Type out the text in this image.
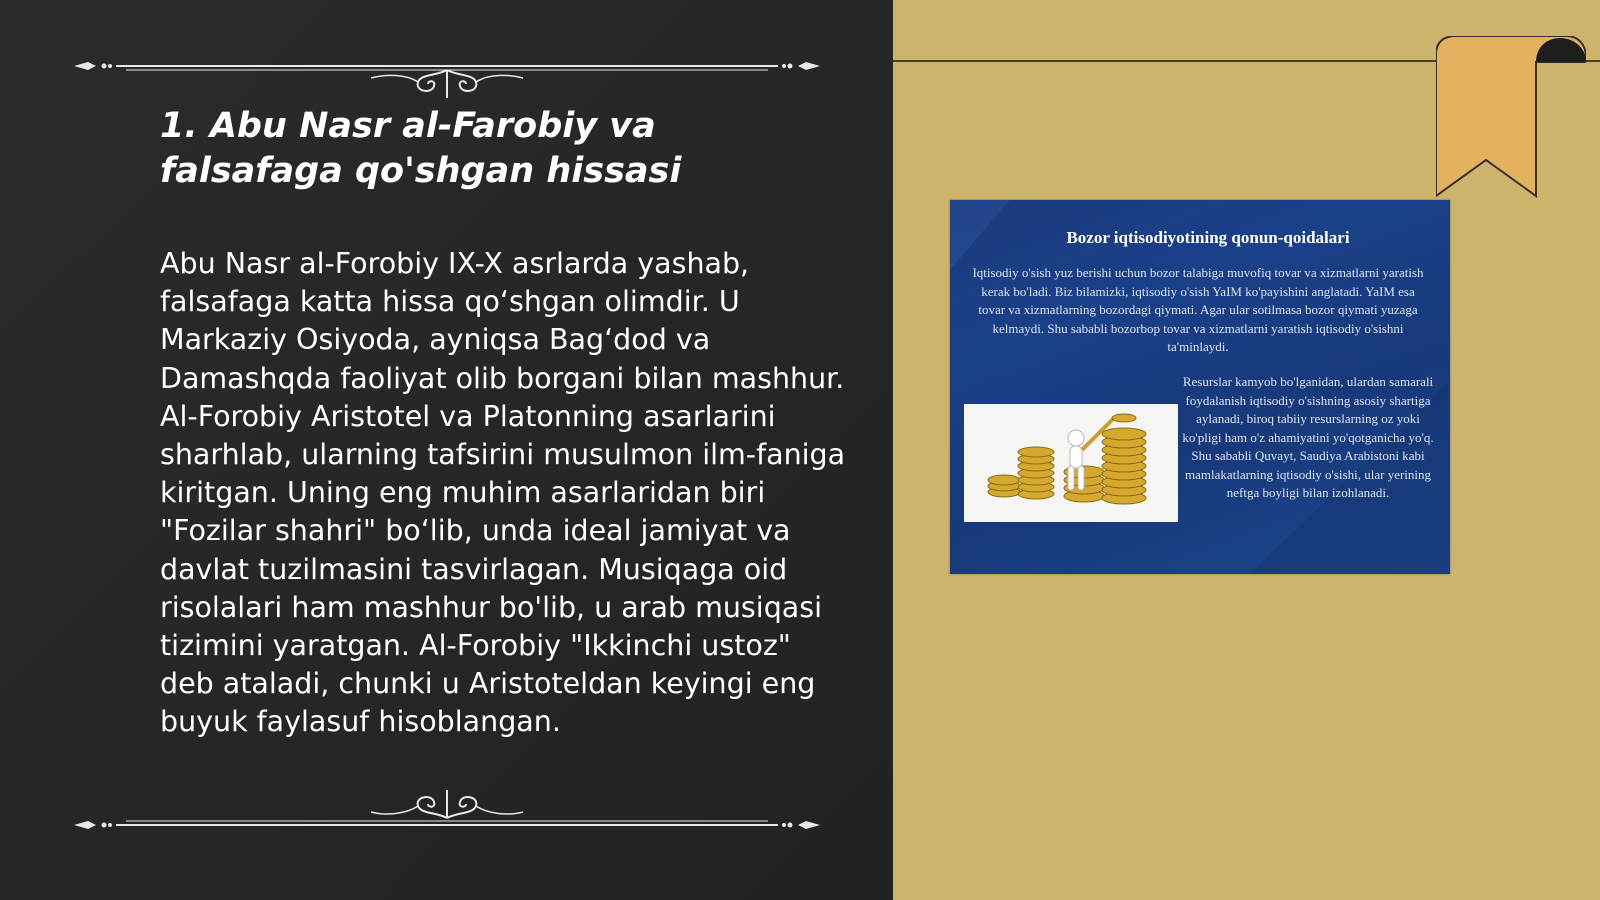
1. Abu Nasr al-Farobiy va falsafaga qo'shgan hissasi

Abu Nasr al-Forobiy IX-X asrlarda yashab, falsafaga katta hissa qo‘shgan olimdir. U Markaziy Osiyoda, ayniqsa Bag‘dod va Damashqda faoliyat olib borgani bilan mashhur. Al-Forobiy Aristotel va Platonning asarlarini sharhlab, ularning tafsirini musulmon ilm-faniga kiritgan. Uning eng muhim asarlaridan biri "Fozilar shahri" bo‘lib, unda ideal jamiyat va davlat tuzilmasini tasvirlagan. Musiqaga oid risolalari ham mashhur bo'lib, u arab musiqasi tizimini yaratgan. Al-Forobiy "Ikkinchi ustoz" deb ataladi, chunki u Aristoteldan keyingi eng buyuk faylasuf hisoblangan.

Bozor iqtisodiyotining qonun-qoidalari

Iqtisodiy o'sish yuz berishi uchun bozor talabiga muvofiq tovar va xizmatlarni yaratish kerak bo'ladi. Biz bilamizki, iqtisodiy o'sish YaIM ko'payishini anglatadi. YaIM esa tovar va xizmatlarning bozordagi qiymati. Agar ular sotilmasa bozor qiymati yuzaga kelmaydi. Shu sababli bozorbop tovar va xizmatlarni yaratish iqtisodiy o'sishni ta'minlaydi.

Resurslar kamyob bo'lganidan, ulardan samarali foydalanish iqtisodiy o'sishning asosiy shartiga aylanadi, biroq tabiiy resurslarning oz yoki ko'pligi ham o'z ahamiyatini yo'qotganicha yo'q. Shu sababli Quvayt, Saudiya Arabistoni kabi mamlakatlarning iqtisodiy o'sishi, ular yerining neftga boyligi bilan izohlanadi.
